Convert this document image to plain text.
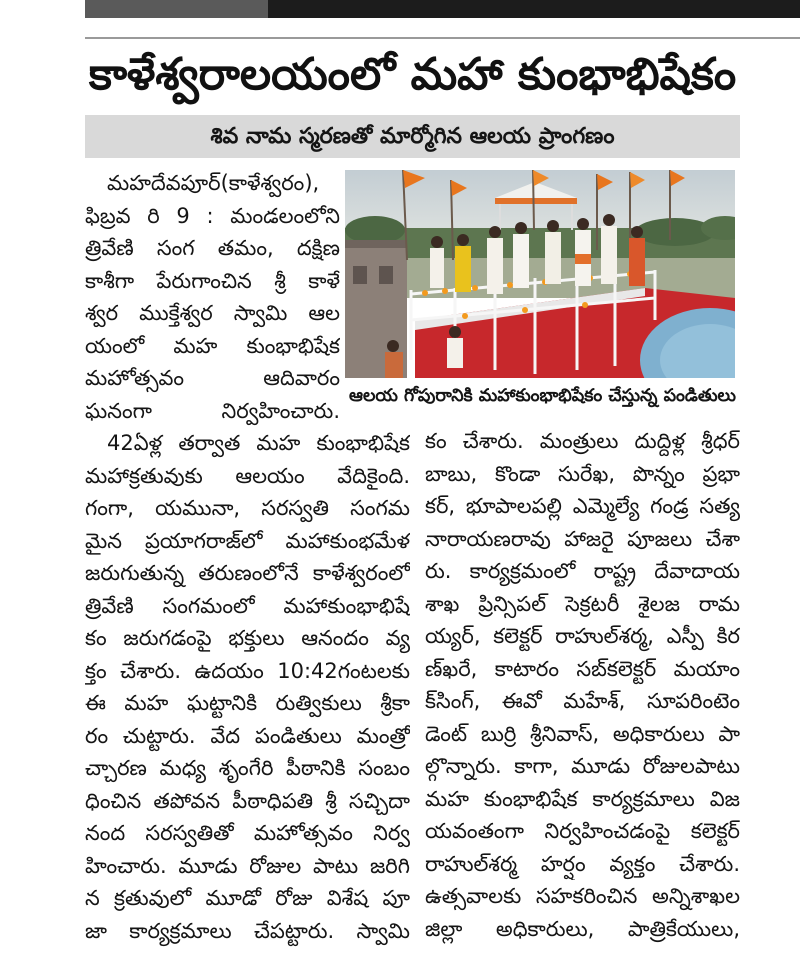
కాళేశ్వరాలయంలో మహా కుంభాభిషేకం
శివ నామ స్మరణతో మార్మోగిన ఆలయ ప్రాంగణం
ఆలయ గోపురానికి మహాకుంభాభిషేకం చేస్తున్న పండితులు
మహదేవపూర్(కాళేశ్వరం),
ఫిబ్రవ రి 9 : మండలంలోని
త్రివేణి సంగ తమం, దక్షిణ
కాశీగా పేరుగాంచిన శ్రీ కాళే
శ్వర ముక్తేశ్వర స్వామి ఆల
యంలో మహ కుంభాభిషేక
మహోత్సవం ఆదివారం
ఘనంగా నిర్వహించారు.
42ఏళ్ల తర్వాత మహ కుంభాభిషేక
మహాక్రతువుకు ఆలయం వేదికైంది.
గంగా, యమునా, సరస్వతి సంగమ
మైన ప్రయాగరాజ్‌లో మహాకుంభమేళ
జరుగుతున్న తరుణంలోనే కాళేశ్వరంలో
త్రివేణి సంగమంలో మహాకుంభాభిషే
కం జరుగడంపై భక్తులు ఆనందం వ్య
క్తం చేశారు. ఉదయం 10:42గంటలకు
ఈ మహ ఘట్టానికి రుత్వికులు శ్రీకా
రం చుట్టారు. వేద పండితులు మంత్రో
చ్చారణ మధ్య శృంగేరి పీఠానికి సంబం
ధించిన తపోవన పీఠాధిపతి శ్రీ సచ్చిదా
నంద సరస్వతితో మహోత్సవం నిర్వ
హించారు. మూడు రోజుల పాటు జరిగి
న క్రతువులో మూడో రోజు విశేష పూ
జా కార్యక్రమాలు చేపట్టారు. స్వామి
కం చేశారు. మంత్రులు దుద్దిళ్ల శ్రీధర్
బాబు, కొండా సురేఖ, పొన్నం ప్రభా
కర్, భూపాలపల్లి ఎమ్మెల్యే గండ్ర సత్య
నారాయణరావు హాజరై పూజలు చేశా
రు. కార్యక్రమంలో రాష్ట్ర దేవాదాయ
శాఖ ప్రిన్సిపల్ సెక్రటరీ శైలజ రామ
య్యర్, కలెక్టర్ రాహుల్‌శర్మ, ఎస్పీ కిర
ణ్‌ఖరే, కాటారం సబ్‌కలెక్టర్ మయాం
క్‌సింగ్, ఈవో మహేశ్, సూపరింటెం
డెంట్ బుర్రి శ్రీనివాస్, అధికారులు పా
ల్గొన్నారు. కాగా, మూడు రోజులపాటు
మహ కుంభాభిషేక కార్యక్రమాలు విజ
యవంతంగా నిర్వహించడంపై కలెక్టర్
రాహుల్‌శర్మ హర్షం వ్యక్తం చేశారు.
ఉత్సవాలకు సహకరించిన అన్నిశాఖల
జిల్లా అధికారులు, పాత్రికేయులు,
